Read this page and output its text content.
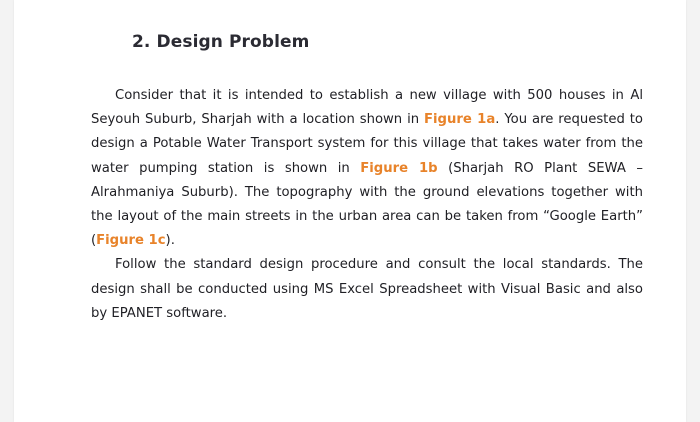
2. Design Problem

Consider that it is intended to establish a new village with 500 houses in Al Seyouh Suburb, Sharjah with a location shown in Figure 1a. You are requested to design a Potable Water Transport system for this village that takes water from the water pumping station is shown in Figure 1b (Sharjah RO Plant SEWA – Alrahmaniya Suburb). The topography with the ground elevations together with the layout of the main streets in the urban area can be taken from “Google Earth” (Figure 1c).

Follow the standard design procedure and consult the local standards. The design shall be conducted using MS Excel Spreadsheet with Visual Basic and also by EPANET software.
